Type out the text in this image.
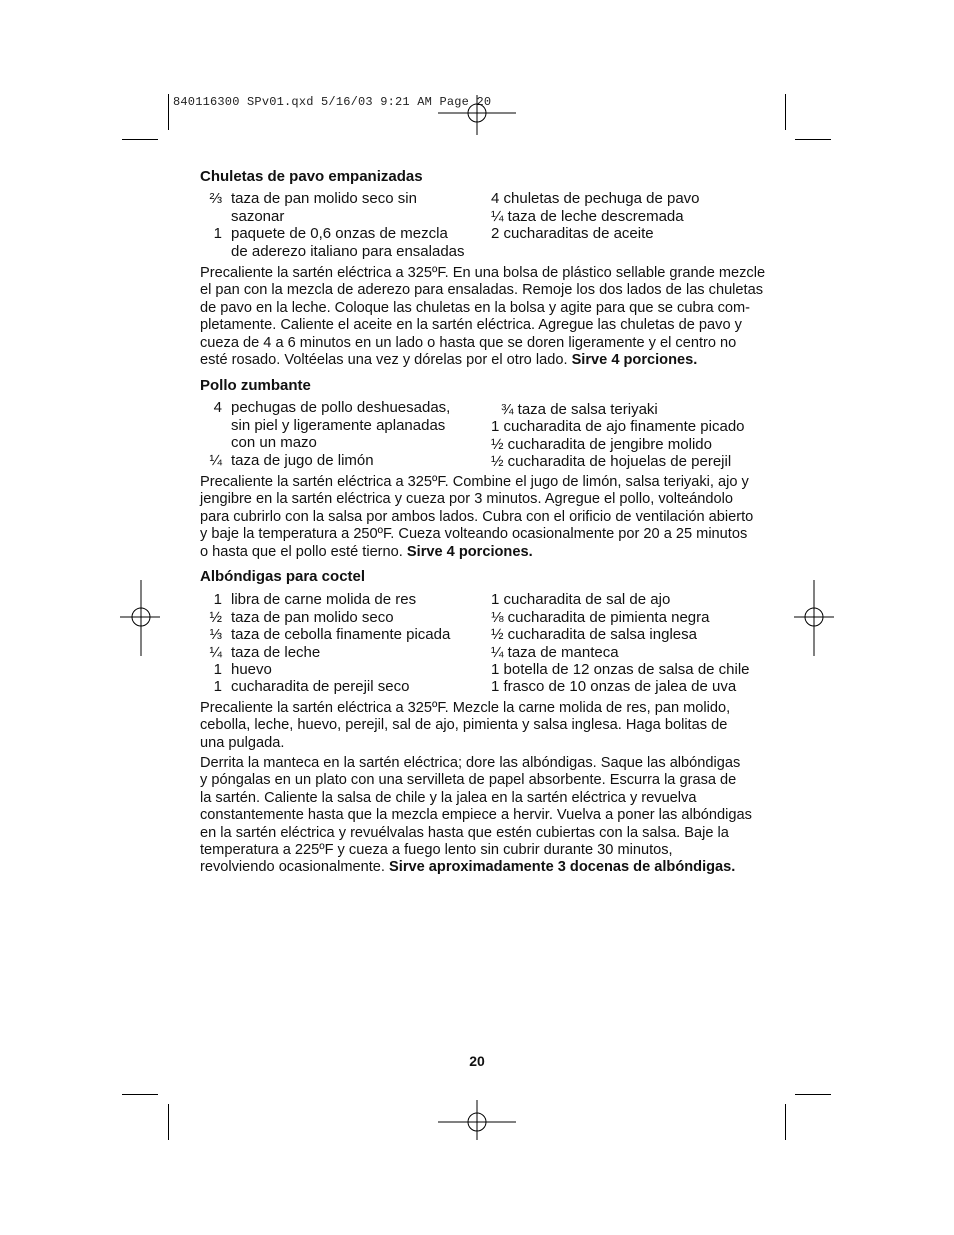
840116300 SPv01.qxd 5/16/03 9:21 AM Page 20
Chuletas de pavo empanizadas
⅔ taza de pan molido seco sin
sazonar
1 paquete de 0,6 onzas de mezcla
de aderezo italiano para ensaladas
4 chuletas de pechuga de pavo
¼ taza de leche descremada
2 cucharaditas de aceite
Precaliente la sartén eléctrica a 325ºF. En una bolsa de plástico sellable grande mezcle
el pan con la mezcla de aderezo para ensaladas. Remoje los dos lados de las chuletas
de pavo en la leche. Coloque las chuletas en la bolsa y agite para que se cubra com-
pletamente. Caliente el aceite en la sartén eléctrica. Agregue las chuletas de pavo y
cueza de 4 a 6 minutos en un lado o hasta que se doren ligeramente y el centro no
esté rosado. Voltéelas una vez y dórelas por el otro lado. Sirve 4 porciones.
Pollo zumbante
4 pechugas de pollo deshuesadas,
sin piel y ligeramente aplanadas
con un mazo
¼ taza de jugo de limón
¾ taza de salsa teriyaki
1 cucharadita de ajo finamente picado
½ cucharadita de jengibre molido
½ cucharadita de hojuelas de perejil
Precaliente la sartén eléctrica a 325ºF. Combine el jugo de limón, salsa teriyaki, ajo y
jengibre en la sartén eléctrica y cueza por 3 minutos. Agregue el pollo, volteándolo
para cubrirlo con la salsa por ambos lados. Cubra con el orificio de ventilación abierto
y baje la temperatura a 250ºF. Cueza volteando ocasionalmente por 20 a 25 minutos
o hasta que el pollo esté tierno. Sirve 4 porciones.
Albóndigas para coctel
1 libra de carne molida de res
½ taza de pan molido seco
⅓ taza de cebolla finamente picada
¼ taza de leche
1 huevo
1 cucharadita de perejil seco
1 cucharadita de sal de ajo
⅛ cucharadita de pimienta negra
½ cucharadita de salsa inglesa
¼ taza de manteca
1 botella de 12 onzas de salsa de chile
1 frasco de 10 onzas de jalea de uva
Precaliente la sartén eléctrica a 325ºF. Mezcle la carne molida de res, pan molido,
cebolla, leche, huevo, perejil, sal de ajo, pimienta y salsa inglesa. Haga bolitas de
una pulgada.
Derrita la manteca en la sartén eléctrica; dore las albóndigas. Saque las albóndigas
y póngalas en un plato con una servilleta de papel absorbente. Escurra la grasa de
la sartén. Caliente la salsa de chile y la jalea en la sartén eléctrica y revuelva
constantemente hasta que la mezcla empiece a hervir. Vuelva a poner las albóndigas
en la sartén eléctrica y revuélvalas hasta que estén cubiertas con la salsa. Baje la
temperatura a 225ºF y cueza a fuego lento sin cubrir durante 30 minutos,
revolviendo ocasionalmente. Sirve aproximadamente 3 docenas de albóndigas.
20
